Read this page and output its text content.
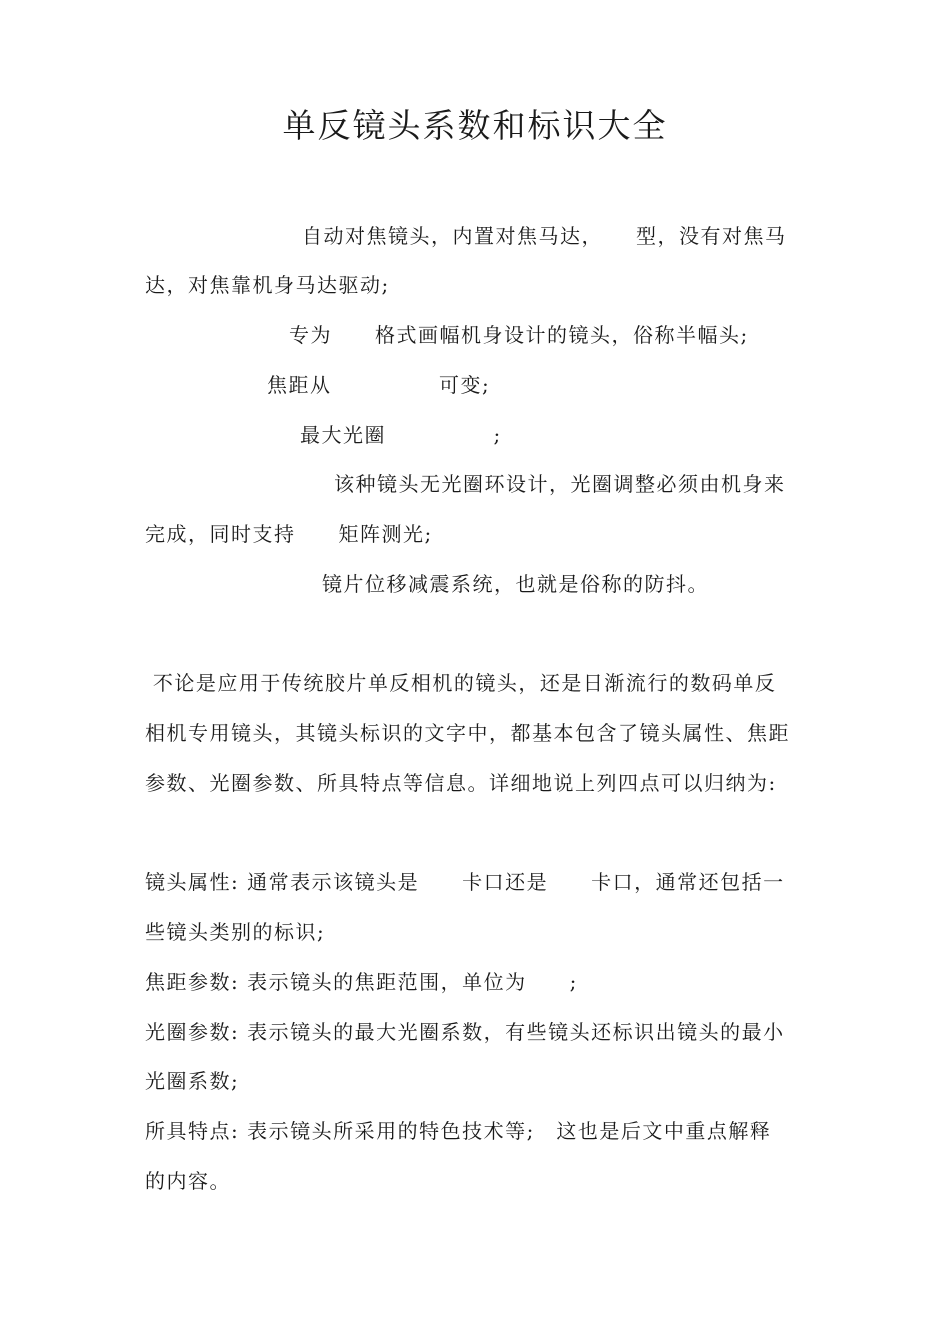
单反镜头系数和标识大全
自动对焦镜头，内置对焦马达，　　型，没有对焦马
达，对焦靠机身马达驱动;
专为　　格式画幅机身设计的镜头，俗称半幅头;
焦距从　　　　　可变;
最大光圈　　　　　;
该种镜头无光圈环设计，光圈调整必须由机身来
完成，同时支持　　矩阵测光;
镜片位移减震系统，也就是俗称的防抖。
不论是应用于传统胶片单反相机的镜头，还是日渐流行的数码单反
相机专用镜头，其镜头标识的文字中，都基本包含了镜头属性、焦距
参数、光圈参数、所具特点等信息。详细地说上列四点可以归纳为:
镜头属性: 通常表示该镜头是　　卡口还是　　卡口，通常还包括一
些镜头类别的标识;
焦距参数: 表示镜头的焦距范围，单位为　　;
光圈参数: 表示镜头的最大光圈系数，有些镜头还标识出镜头的最小
光圈系数;
所具特点: 表示镜头所采用的特色技术等;　这也是后文中重点解释
的内容。
